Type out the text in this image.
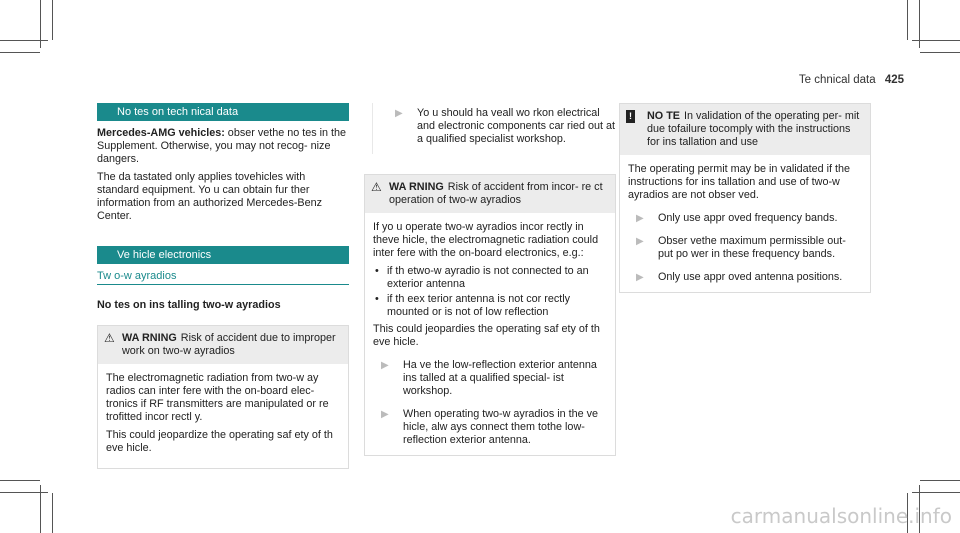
Te chnical data 425
No tes on tech nical data

Mercedes-AMG vehicles: obser vethe no tes in the Supplement. Otherwise, you may not recog‐ nize dangers.

The da tastated only applies tovehicles with standard equipment. Yo u can obtain fur ther information from an authorized Mercedes-Benz Center.

Ve hicle electronics
Tw o-w ayradios
No tes on ins talling two-w ayradios
⚠ WA RNING Risk of accident due to improper work on two-w ayradios

The electromagnetic radiation from two-w ay radios can inter fere with the on-board elec‐ tronics if RF transmitters are manipulated or re trofitted incor rectl y.

This could jeopardize the operating saf ety of th eve hicle.

▶	Yo u should ha veall wo rkon electrical and electronic components car ried out at a qualified specialist workshop.
⚠ WA RNING Risk of accident from incor‐ re ct operation of two-w ayradios

If yo u operate two-w ayradios incor rectly in theve hicle, the electromagnetic radiation could inter fere with the on-board electronics, e.g.:

• if th etwo-w ayradio is not connected to an exterior antenna
• if th eex terior antenna is not cor rectly mounted or is not of low reflection

This could jeopardies the operating saf ety of th eve hicle.

▶	Ha ve the low-reflection exterior antenna ins talled at a qualified special‐ ist workshop.
▶	When operating two-w ayradios in the ve hicle, alw ays connect them tothe low-reflection exterior antenna.
! NO TE In validation of the operating per‐ mit due tofailure tocomply with the instructions for ins tallation and use

The operating permit may be in validated if the instructions for ins tallation and use of two-w ayradios are not obser ved.

▶	Only use appr oved frequency bands.
▶	Obser vethe maximum permissible out‐ put po wer in these frequency bands.
▶	Only use appr oved antenna positions.
carmanualsonline.info
